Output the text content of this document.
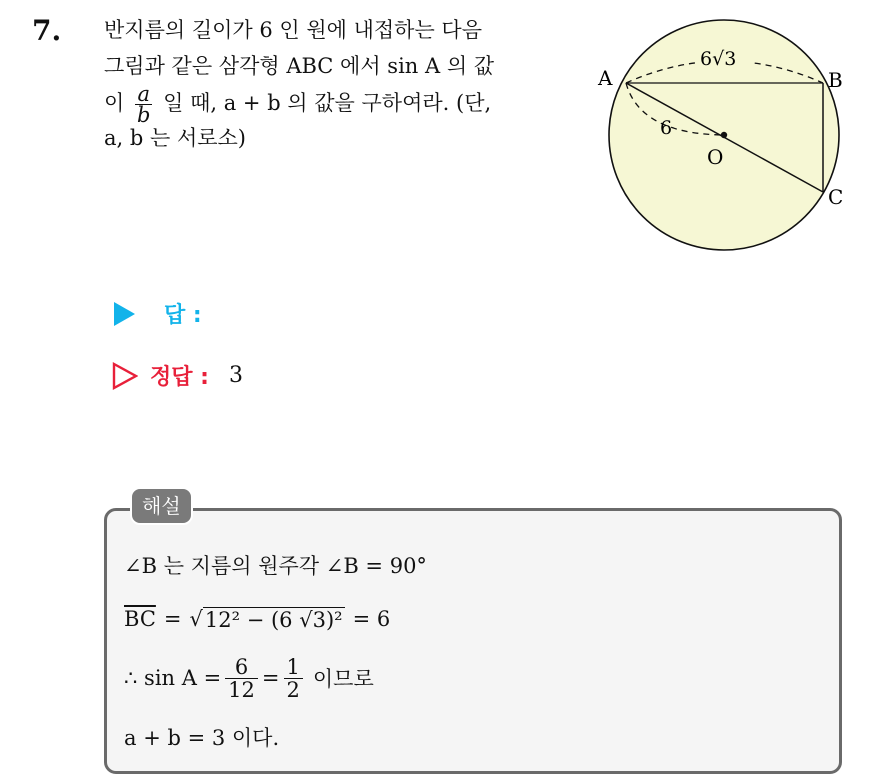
7. 반지름의 길이가 6 인 원에 내접하는 다음
그림과 같은 삼각형 ABC 에서 sin A 의 값
이 $\frac{a}{b}$ 일 때, a + b 의 값을 구하여라. (단,
a, b 는 서로소)
A	B
C
O
6√3
6
답 :
정답 : 3
해설
∠B 는 지름의 원주각 ∠B = 90°
$\overline{BC}$ = √ 12² − (6 √3)² = 6
∴ $\sin A = \frac{6}{12} = \frac{1}{2}$ 이므로
a + b = 3 이다.
